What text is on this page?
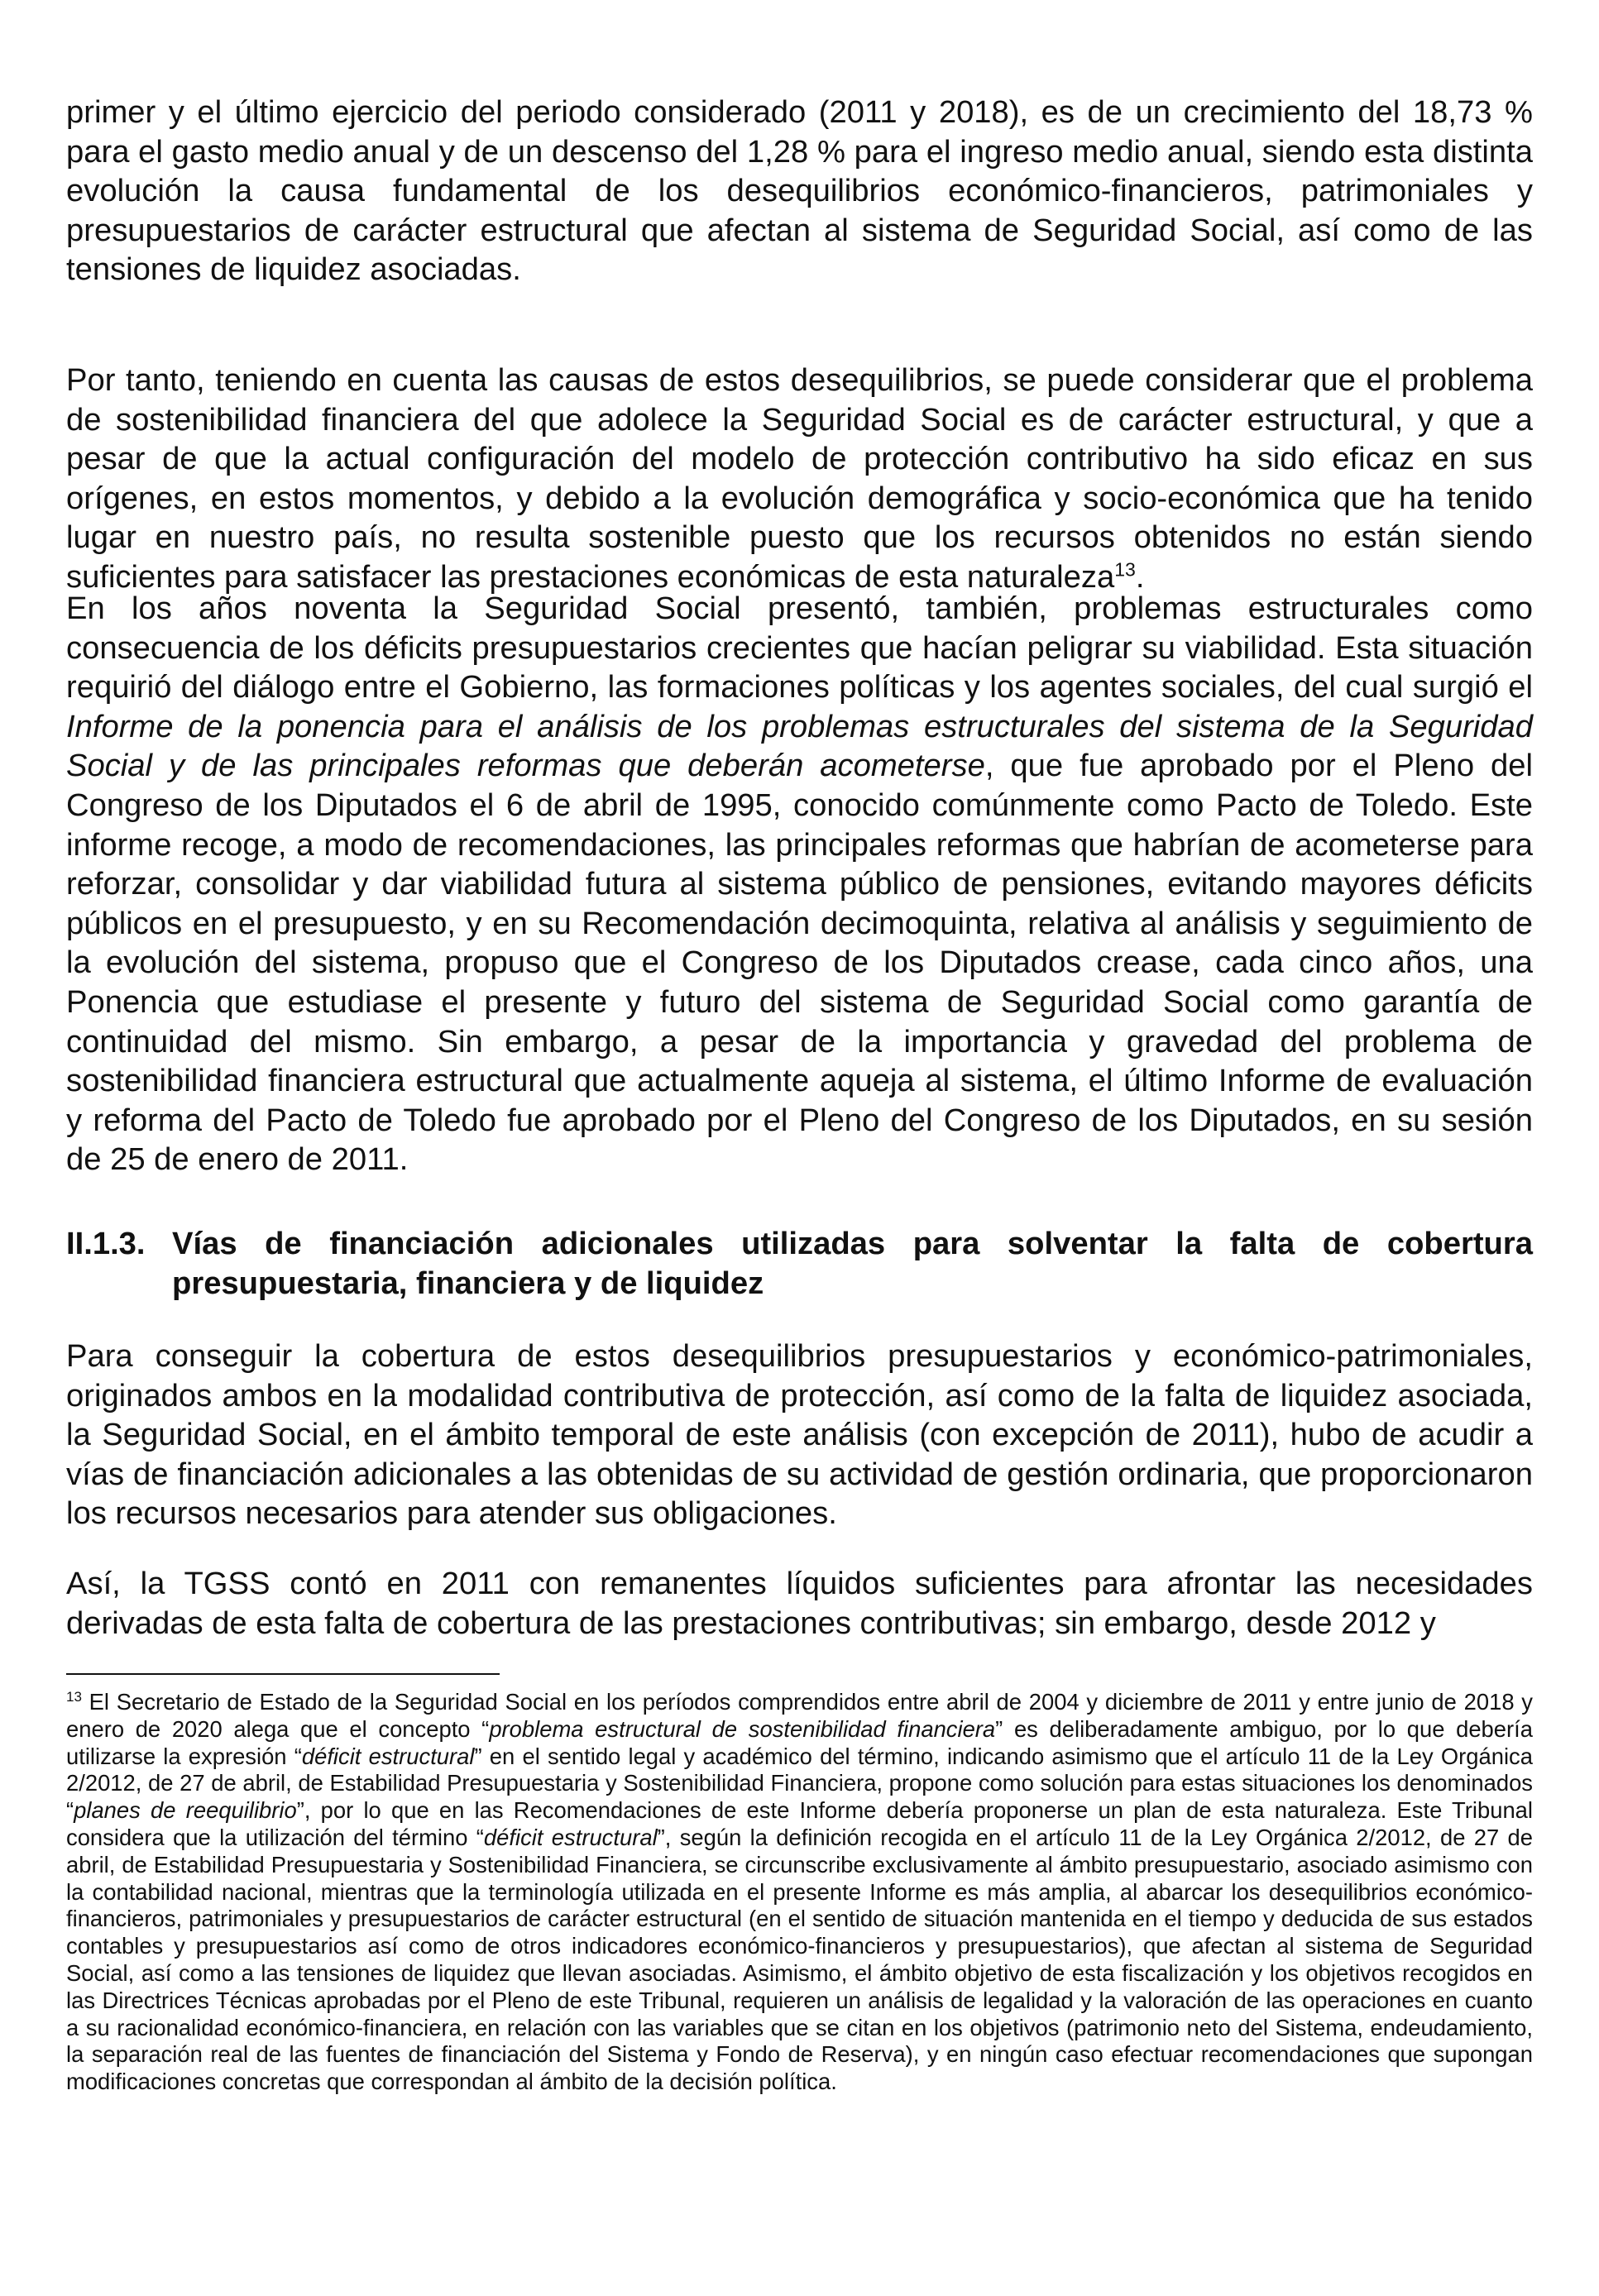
primer y el último ejercicio del periodo considerado (2011 y 2018), es de un crecimiento del 18,73 % para el gasto medio anual y de un descenso del 1,28 % para el ingreso medio anual, siendo esta distinta evolución la causa fundamental de los desequilibrios económico-financieros, patrimoniales y presupuestarios de carácter estructural que afectan al sistema de Seguridad Social, así como de las tensiones de liquidez asociadas.

Por tanto, teniendo en cuenta las causas de estos desequilibrios, se puede considerar que el problema de sostenibilidad financiera del que adolece la Seguridad Social es de carácter estructural, y que a pesar de que la actual configuración del modelo de protección contributivo ha sido eficaz en sus orígenes, en estos momentos, y debido a la evolución demográfica y socio-económica que ha tenido lugar en nuestro país, no resulta sostenible puesto que los recursos obtenidos no están siendo suficientes para satisfacer las prestaciones económicas de esta naturaleza$^{13}$.

En los años noventa la Seguridad Social presentó, también, problemas estructurales como consecuencia de los déficits presupuestarios crecientes que hacían peligrar su viabilidad. Esta situación requirió del diálogo entre el Gobierno, las formaciones políticas y los agentes sociales, del cual surgió el Informe de la ponencia para el análisis de los problemas estructurales del sistema de la Seguridad Social y de las principales reformas que deberán acometerse, que fue aprobado por el Pleno del Congreso de los Diputados el 6 de abril de 1995, conocido comúnmente como Pacto de Toledo. Este informe recoge, a modo de recomendaciones, las principales reformas que habrían de acometerse para reforzar, consolidar y dar viabilidad futura al sistema público de pensiones, evitando mayores déficits públicos en el presupuesto, y en su Recomendación decimoquinta, relativa al análisis y seguimiento de la evolución del sistema, propuso que el Congreso de los Diputados crease, cada cinco años, una Ponencia que estudiase el presente y futuro del sistema de Seguridad Social como garantía de continuidad del mismo. Sin embargo, a pesar de la importancia y gravedad del problema de sostenibilidad financiera estructural que actualmente aqueja al sistema, el último Informe de evaluación y reforma del Pacto de Toledo fue aprobado por el Pleno del Congreso de los Diputados, en su sesión de 25 de enero de 2011.

II.1.3. Vías de financiación adicionales utilizadas para solventar la falta de cobertura presupuestaria, financiera y de liquidez

Para conseguir la cobertura de estos desequilibrios presupuestarios y económico-patrimoniales, originados ambos en la modalidad contributiva de protección, así como de la falta de liquidez asociada, la Seguridad Social, en el ámbito temporal de este análisis (con excepción de 2011), hubo de acudir a vías de financiación adicionales a las obtenidas de su actividad de gestión ordinaria, que proporcionaron los recursos necesarios para atender sus obligaciones.

Así, la TGSS contó en 2011 con remanentes líquidos suficientes para afrontar las necesidades derivadas de esta falta de cobertura de las prestaciones contributivas; sin embargo, desde 2012 y

$^{13}$ El Secretario de Estado de la Seguridad Social en los períodos comprendidos entre abril de 2004 y diciembre de 2011 y entre junio de 2018 y enero de 2020 alega que el concepto “problema estructural de sostenibilidad financiera” es deliberadamente ambiguo, por lo que debería utilizarse la expresión “déficit estructural” en el sentido legal y académico del término, indicando asimismo que el artículo 11 de la Ley Orgánica 2/2012, de 27 de abril, de Estabilidad Presupuestaria y Sostenibilidad Financiera, propone como solución para estas situaciones los denominados “planes de reequilibrio”, por lo que en las Recomendaciones de este Informe debería proponerse un plan de esta naturaleza. Este Tribunal considera que la utilización del término “déficit estructural”, según la definición recogida en el artículo 11 de la Ley Orgánica 2/2012, de 27 de abril, de Estabilidad Presupuestaria y Sostenibilidad Financiera, se circunscribe exclusivamente al ámbito presupuestario, asociado asimismo con la contabilidad nacional, mientras que la terminología utilizada en el presente Informe es más amplia, al abarcar los desequilibrios económico-financieros, patrimoniales y presupuestarios de carácter estructural (en el sentido de situación mantenida en el tiempo y deducida de sus estados contables y presupuestarios así como de otros indicadores económico-financieros y presupuestarios), que afectan al sistema de Seguridad Social, así como a las tensiones de liquidez que llevan asociadas. Asimismo, el ámbito objetivo de esta fiscalización y los objetivos recogidos en las Directrices Técnicas aprobadas por el Pleno de este Tribunal, requieren un análisis de legalidad y la valoración de las operaciones en cuanto a su racionalidad económico-financiera, en relación con las variables que se citan en los objetivos (patrimonio neto del Sistema, endeudamiento, la separación real de las fuentes de financiación del Sistema y Fondo de Reserva), y en ningún caso efectuar recomendaciones que supongan modificaciones concretas que correspondan al ámbito de la decisión política.
